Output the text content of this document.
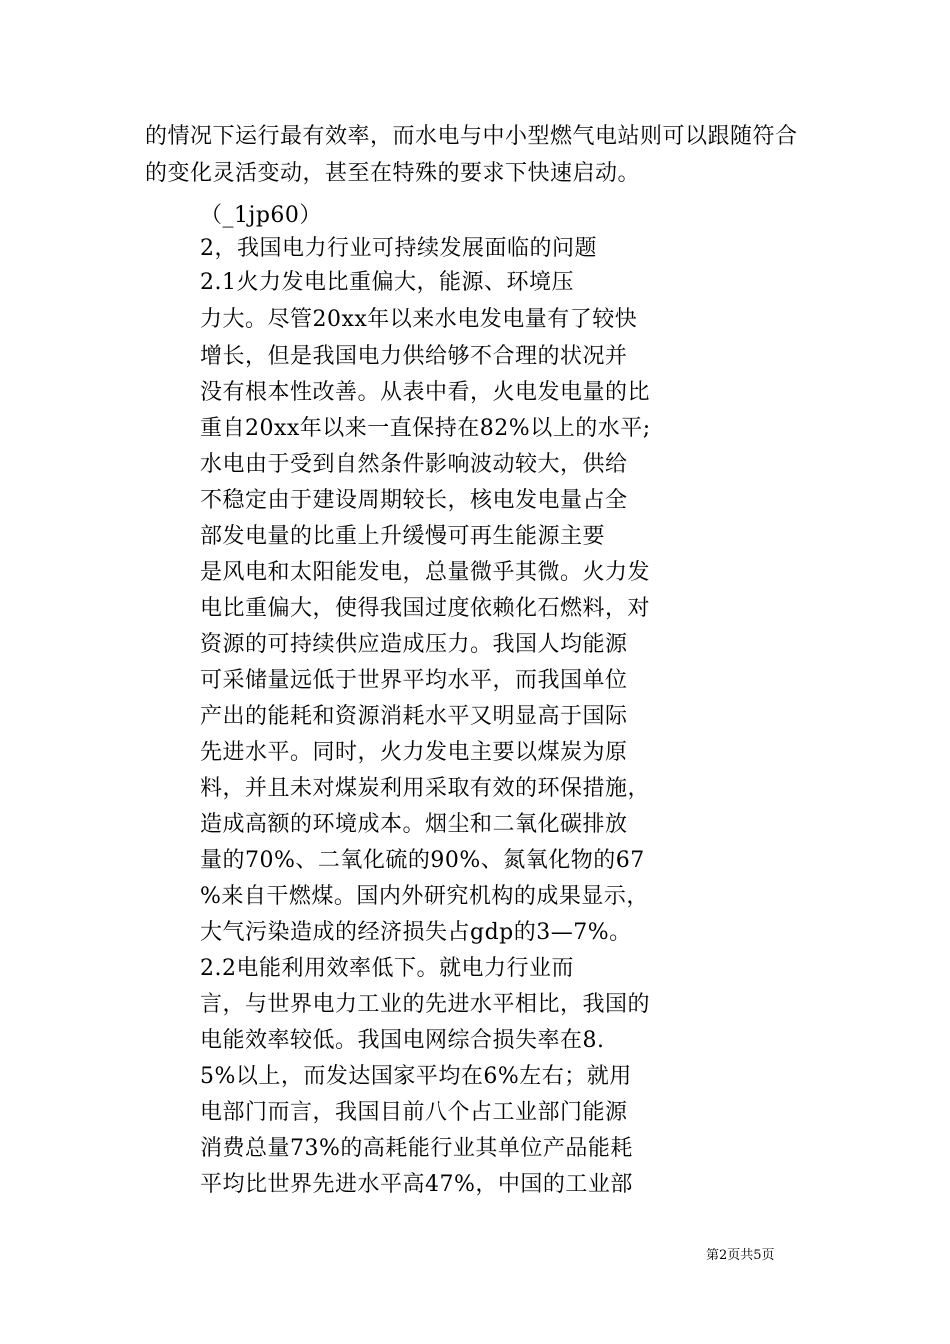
的情况下运行最有效率，而水电与中小型燃气电站则可以跟随符合
的变化灵活变动，甚至在特殊的要求下快速启动。
（_1jp60）
2，我国电力行业可持续发展面临的问题
2.1火力发电比重偏大，能源、环境压
力大。尽管20xx年以来水电发电量有了较快
增长，但是我国电力供给够不合理的状况并
没有根本性改善。从表中看，火电发电量的比
重自20xx年以来一直保持在82%以上的水平;
水电由于受到自然条件影响波动较大，供给
不稳定由于建设周期较长，核电发电量占全
部发电量的比重上升缓慢可再生能源主要
是风电和太阳能发电，总量微乎其微。火力发
电比重偏大，使得我国过度依赖化石燃料，对
资源的可持续供应造成压力。我国人均能源
可采储量远低于世界平均水平，而我国单位
产出的能耗和资源消耗水平又明显高于国际
先进水平。同时，火力发电主要以煤炭为原
料，并且未对煤炭利用采取有效的环保措施，
造成高额的环境成本。烟尘和二氧化碳排放
量的70%、二氧化硫的90%、氮氧化物的67
%来自干燃煤。国内外研究机构的成果显示，
大气污染造成的经济损失占gdp的3—7%。
2.2电能利用效率低下。就电力行业而
言，与世界电力工业的先进水平相比，我国的
电能效率较低。我国电网综合损失率在8.
5%以上，而发达国家平均在6%左右；就用
电部门而言，我国目前八个占工业部门能源
消费总量73%的高耗能行业其单位产品能耗
平均比世界先进水平高47%，中国的工业部
第2页共5页
